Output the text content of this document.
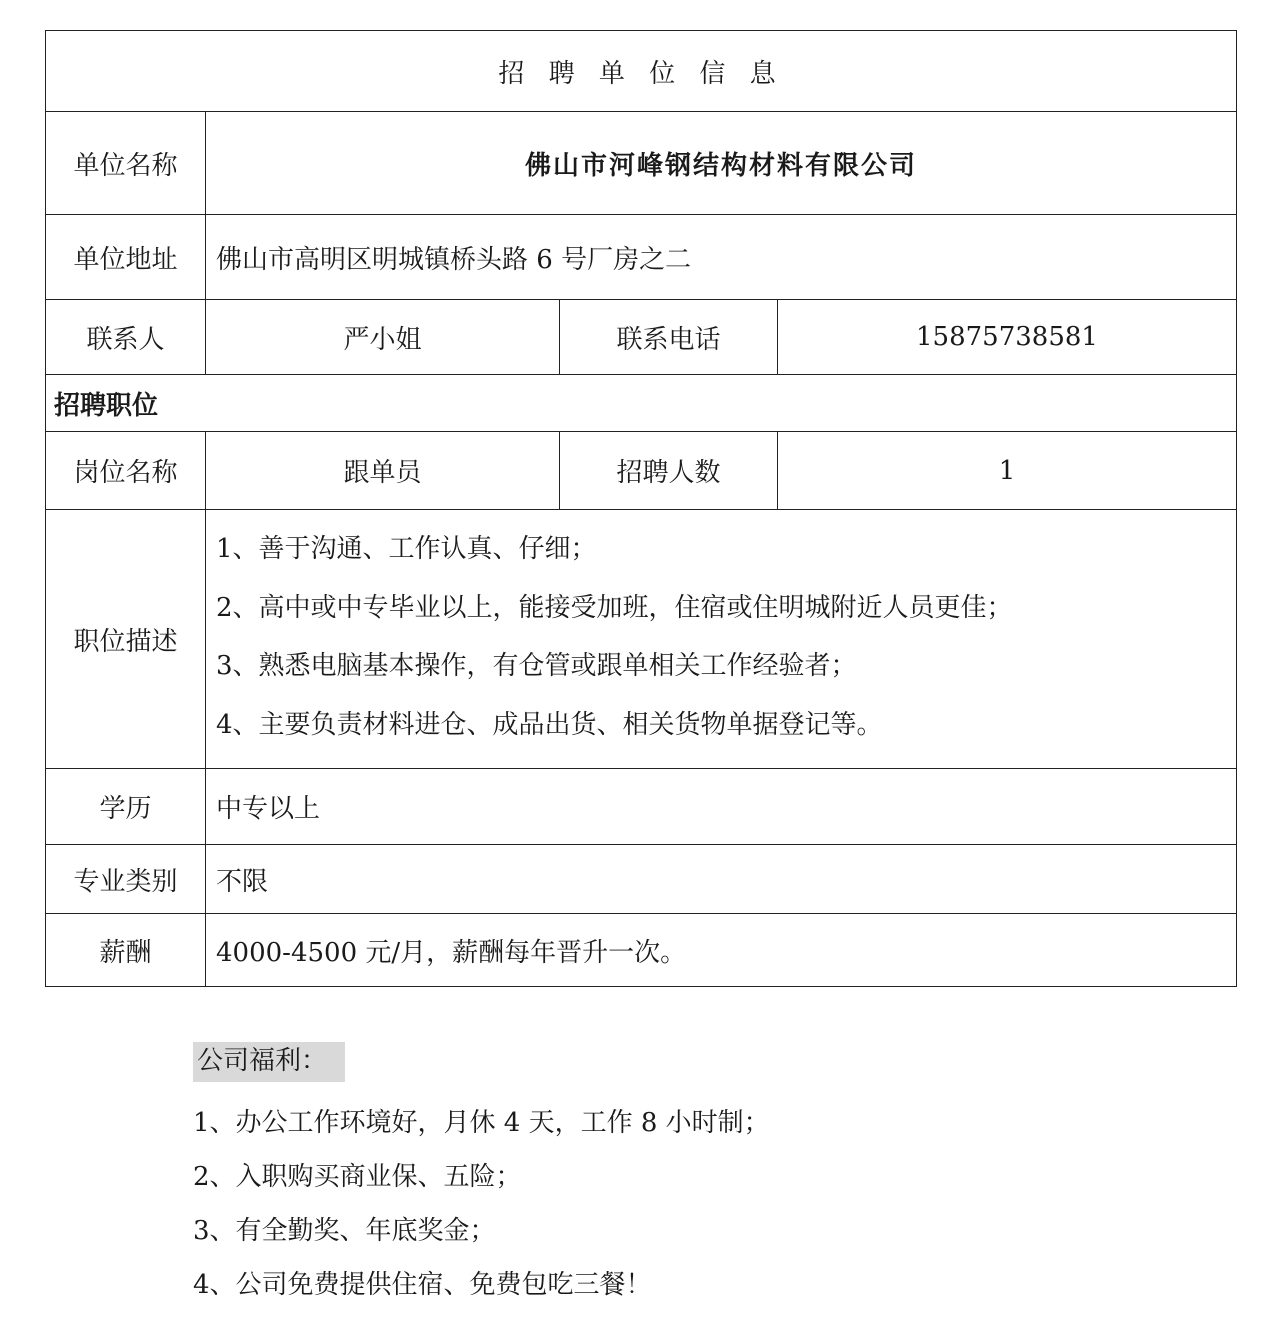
招 聘 单 位 信 息			
单位名称	佛山市河峰钢结构材料有限公司		
单位地址	佛山市高明区明城镇桥头路 6 号厂房之二		
联系人	严小姐	联系电话	15875738581
招聘职位			
岗位名称	跟单员	招聘人数	1
职位描述	1、善于沟通、工作认真、仔细；
2、高中或中专毕业以上，能接受加班，住宿或住明城附近人员更佳；
3、熟悉电脑基本操作，有仓管或跟单相关工作经验者；
4、主要负责材料进仓、成品出货、相关货物单据登记等。		

学历	中专以上		
专业类别	不限		
薪酬	4000-4500 元/月，薪酬每年晋升一次。		
公司福利：
1、办公工作环境好，月休 4 天，工作 8 小时制；
2、入职购买商业保、五险；
3、有全勤奖、年底奖金；
4、公司免费提供住宿、免费包吃三餐！
